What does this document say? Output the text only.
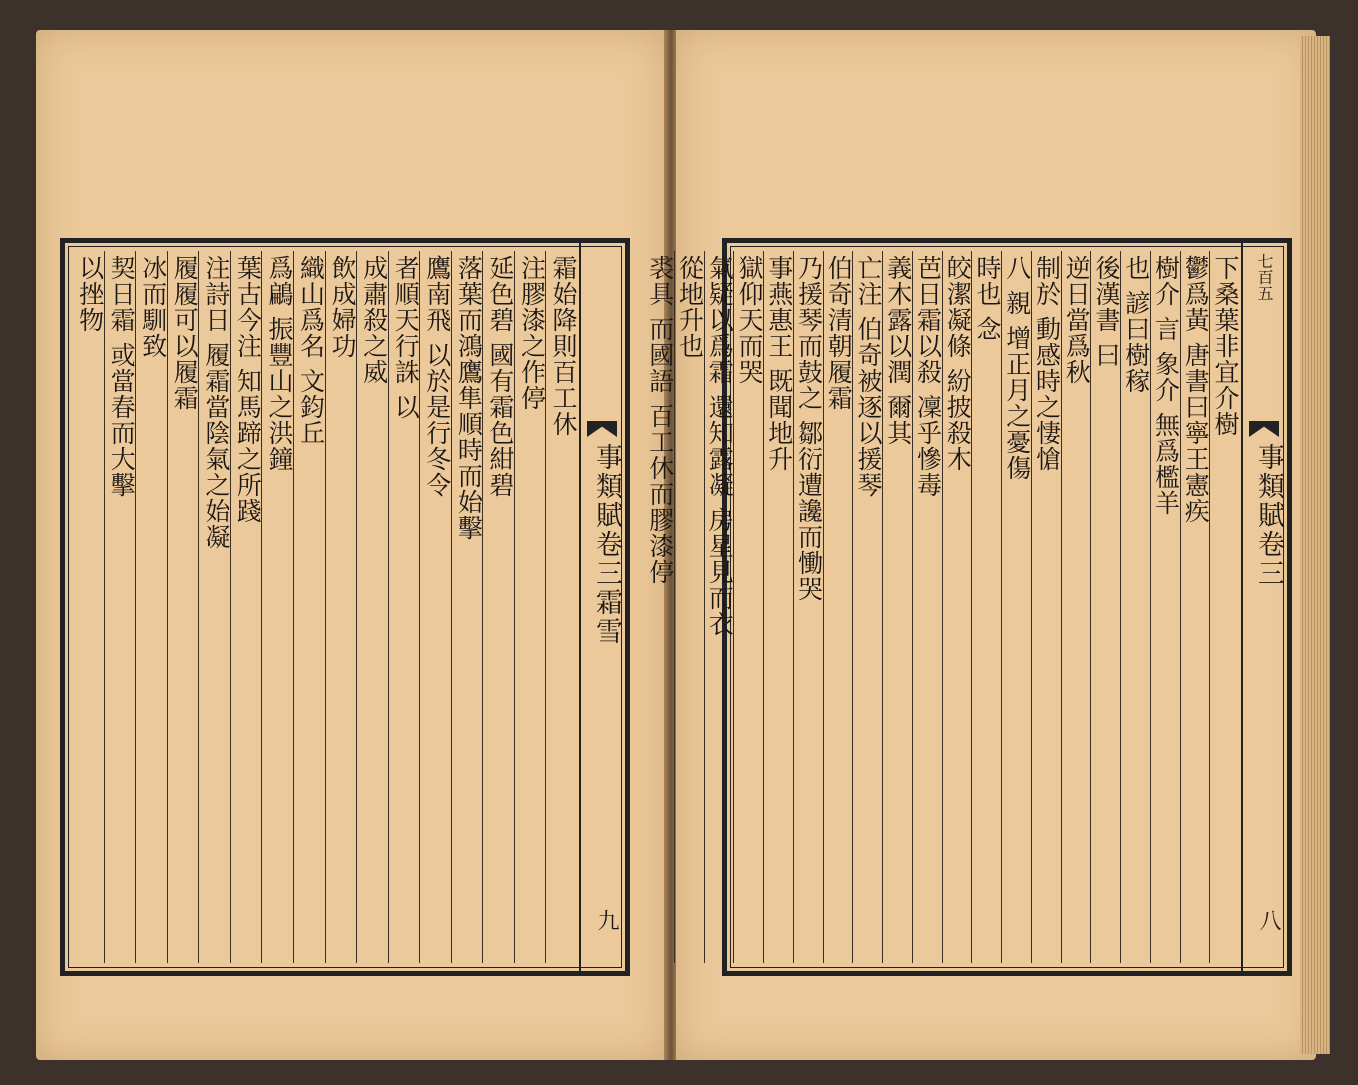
霜始降則百工休
注膠漆之作停
延色碧 國有霜色紺碧
落葉而鴻鷹隼順時而始擊
鷹南飛 以於是行冬令
者順天行誅 以
成肅殺之威
飲成婦功
織山爲名 文鈞丘
爲鶣 振豐山之洪鐘
葉古今注 知馬蹄之所踐
注詩日 履霜當陰氣之始凝
履履可以履霜
冰而馴致
契日霜 或當春而大擊
以挫物
事類賦卷三霜雪
九
下桑葉非宜介樹
鬱爲黃 唐書曰寧王憲疾
樹介 言 象介 無爲檻羊
也 諺曰樹稼
後漢書 曰
逆日當爲秋
制於 動感時之悽愴
八 親 增正月之憂傷
時也 念
皎潔凝條 紛披殺木
芭日霜以殺 凜乎慘毒
義木露以潤 爾其
亡注 伯奇被逐以援琴
伯奇清朝履霜
乃援琴而鼓之 鄒衍遭讒而慟哭
事燕惠王 既聞地升
獄仰天而哭
氣疑以爲霜 還知露凝 房星見而衣
從地升也
裘具 而國語 百工休而膠漆停	七百五
事類賦卷三
八
